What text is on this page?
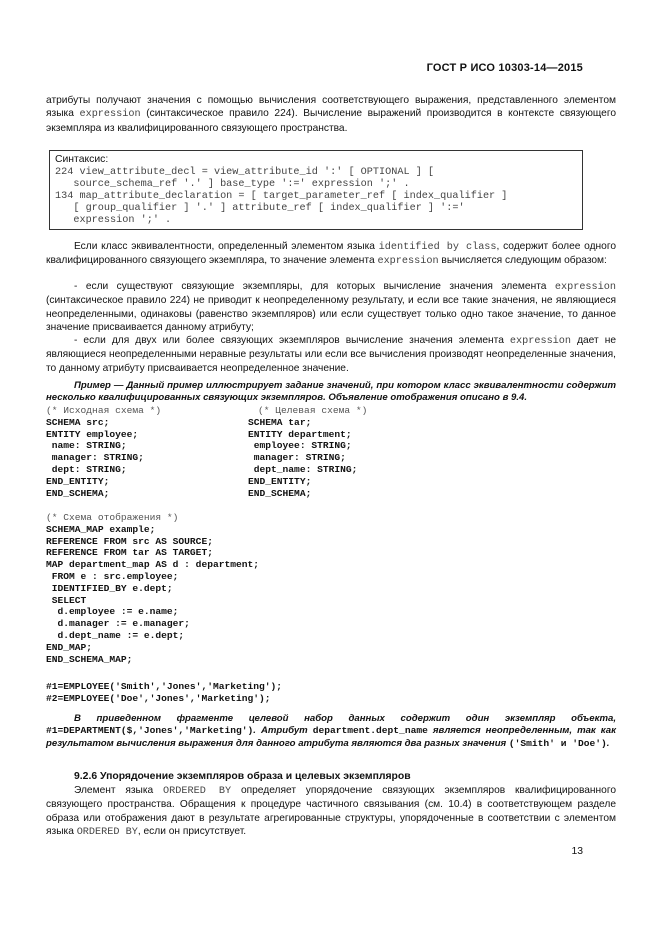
ГОСТ Р ИСО 10303-14—2015
атрибуты получают значения с помощью вычисления соответствующего выражения, представленного элементом языка expression (синтаксическое правило 224). Вычисление выражений производится в контексте связующего экземпляра из квалифицированного связующего пространства.
Синтаксис:
224 view_attribute_decl = view_attribute_id ':' [ OPTIONAL ] [
source_schema_ref '.' ] base_type ':=' expression ';' .
134 map_attribute_declaration = [ target_parameter_ref [ index_qualifier ]
[ group_qualifier ] '.' ] attribute_ref [ index_qualifier ] ':='
expression ';' .
Если класс эквивалентности, определенный элементом языка identified by class, содержит более одного квалифицированного связующего экземпляра, то значение элемента expression вычисляется следующим образом:
- если существуют связующие экземпляры, для которых вычисление значения элемента expression (синтаксическое правило 224) не приводит к неопределенному результату, и если все такие значения, не являющиеся неопределенными, одинаковы (равенство экземпляров) или если существует только одно такое значение, то данное значение присваивается данному атрибуту;
- если для двух или более связующих экземпляров вычисление значения элемента expression дает не являющиеся неопределенными неравные результаты или если все вычисления производят неопределенные значения, то данному атрибуту присваивается неопределенное значение.
Пример — Данный пример иллюстрирует задание значений, при котором класс эквивалентности содержит несколько квалифицированных связующих экземпляров. Объявление отображения описано в 9.4.
(* Исходная схема *)
SCHEMA src;
ENTITY employee;
name: STRING;
manager: STRING;
dept: STRING;
END_ENTITY;
END_SCHEMA;
(* Целевая схема *)
SCHEMA tar;
ENTITY department;
employee: STRING;
manager: STRING;
dept_name: STRING;
END_ENTITY;
END_SCHEMA;
(* Схема отображения *)
SCHEMA_MAP example;
REFERENCE FROM src AS SOURCE;
REFERENCE FROM tar AS TARGET;
MAP department_map AS d : department;
FROM e : src.employee;
IDENTIFIED_BY e.dept;
SELECT
d.employee := e.name;
d.manager := e.manager;
d.dept_name := e.dept;
END_MAP;
END_SCHEMA_MAP;
#1=EMPLOYEE('Smith','Jones','Marketing');
#2=EMPLOYEE('Doe','Jones','Marketing');
В приведенном фрагменте целевой набор данных содержит один экземпляр объекта, #1=DEPARTMENT($,'Jones','Marketing'). Атрибут department.dept_name является неопределенным, так как результатом вычисления выражения для данного атрибута являются два разных значения ('Smith' и 'Doe').
9.2.6 Упорядочение экземпляров образа и целевых экземпляров
Элемент языка ORDERED BY определяет упорядочение связующих экземпляров квалифицированного связующего пространства. Обращения к процедуре частичного связывания (см. 10.4) в соответствующем разделе образа или отображения дают в результате агрегированные структуры, упорядоченные в соответствии с элементом языка ORDERED BY, если он присутствует.
13
